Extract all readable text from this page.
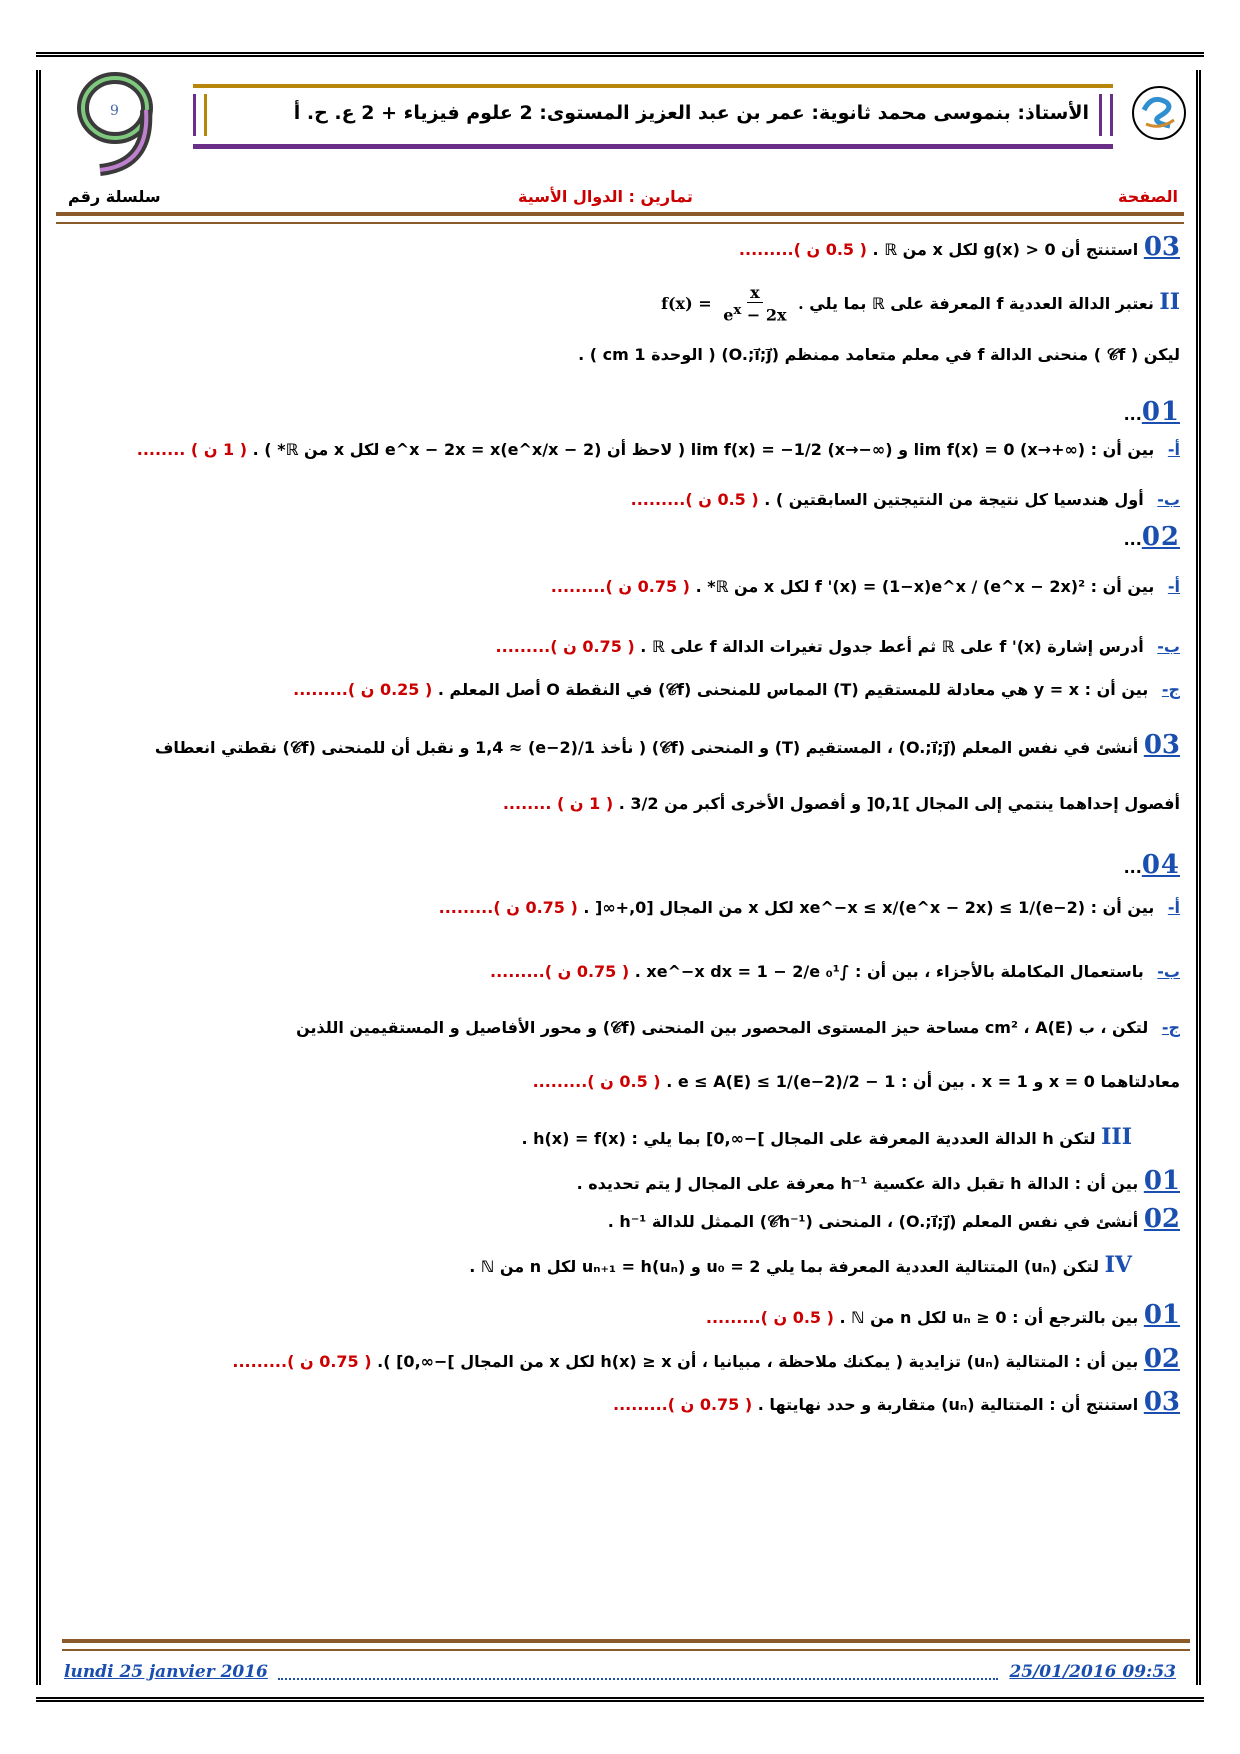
9	الأستاذ: بنموسى محمد ثانوية: عمر بن عبد العزيز المستوى: 2 علوم فيزياء + 2 ع. ح. أ
الصفحة
تمارين : الدوال الأسية
سلسلة رقم
03 استنتج أن g(x) > 0 لكل x من ℝ . ( 0.5 ن ).........
II نعتبر الدالة العددية f المعرفة على ℝ بما يلي $f(x) = \frac{x}{e^x - 2x}$ .
ليكن ( 𝒞f ) منحنى الدالة f في معلم متعامد ممنظم (O.;i⃗;j⃗) ( الوحدة 1 cm ) .
01...
أ- بين أن : lim f(x) = 0 (x→+∞) و lim f(x) = −1/2 (x→−∞) ( لاحظ أن e^x − 2x = x(e^x/x − 2) لكل x من ℝ* ) . ( 1 ن ) ........
ب- أول هندسيا كل نتيجة من النتيجتين السابقتين ) . ( 0.5 ن ).........
02...
أ- بين أن : f '(x) = (1−x)e^x / (e^x − 2x)² لكل x من ℝ* . ( 0.75 ن ).........
ب- أدرس إشارة f '(x) على ℝ ثم أعط جدول تغيرات الدالة f على ℝ . ( 0.75 ن ).........
ج- بين أن : y = x هي معادلة للمستقيم (T) المماس للمنحنى (𝒞f) في النقطة O أصل المعلم . ( 0.25 ن ).........
03 أنشئ في نفس المعلم (O.;i⃗;j⃗) ، المستقيم (T) و المنحنى (𝒞f) ( نأخذ 1/(e−2) ≈ 1,4 و نقبل أن للمنحنى (𝒞f) نقطتي انعطاف
أفصول إحداهما ينتمي إلى المجال ]0,1[ و أفصول الأخرى أكبر من 3/2 . ( 1 ن ) ........
04...
أ- بين أن : xe^−x ≤ x/(e^x − 2x) ≤ 1/(e−2) لكل x من المجال [0,+∞[ . ( 0.75 ن ).........
ب- باستعمال المكاملة بالأجزاء ، بين أن : ∫₀¹ xe^−x dx = 1 − 2/e . ( 0.75 ن ).........
ج- لتكن ، ب cm² ، A(E) مساحة حيز المستوى المحصور بين المنحنى (𝒞f) و محور الأفاصيل و المستقيمين اللذين
معادلتاهما x = 0 و x = 1 . بين أن : 1 − 2/e ≤ A(E) ≤ 1/(e−2) . ( 0.5 ن ).........
III لتكن h الدالة العددية المعرفة على المجال ]−∞,0] بما يلي : h(x) = f(x) .
01 بين أن : الدالة h تقبل دالة عكسية h⁻¹ معرفة على المجال J يتم تحديده .
02 أنشئ في نفس المعلم (O.;i⃗;j⃗) ، المنحنى (𝒞h⁻¹) الممثل للدالة h⁻¹ .
IV لتكن (uₙ) المتتالية العددية المعرفة بما يلي u₀ = 2 و uₙ₊₁ = h(uₙ) لكل n من ℕ .
01 بين بالترجع أن : 0 ≤ uₙ لكل n من ℕ . ( 0.5 ن ).........
02 بين أن : المتتالية (uₙ) تزايدية ( يمكنك ملاحظة ، مبيانيا ، أن h(x) ≥ x لكل x من المجال ]−∞,0] ). ( 0.75 ن ).........
03 استنتج أن : المتتالية (uₙ) متقاربة و حدد نهايتها . ( 0.75 ن ).........
lundi 25 janvier 2016	25/01/2016 09:53
